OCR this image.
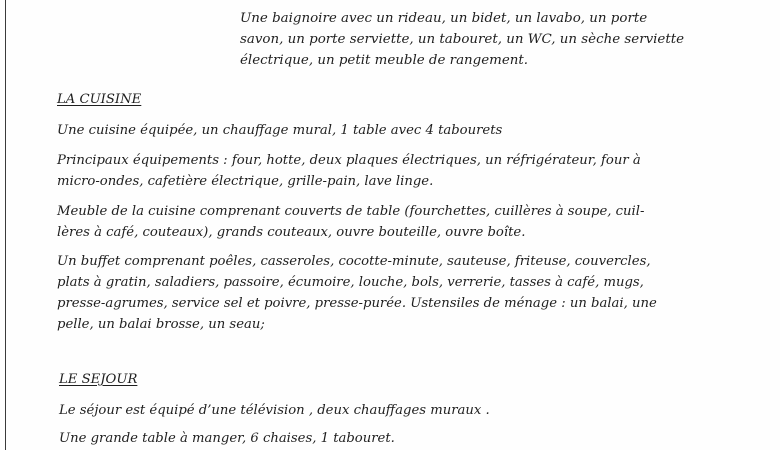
Une baignoire avec un rideau, un bidet, un lavabo, un porte
savon, un porte serviette, un tabouret, un WC, un sèche serviette
électrique, un petit meuble de rangement.
LA CUISINE
Une cuisine équipée, un chauffage mural, 1 table avec 4 tabourets
Principaux équipements : four, hotte, deux plaques électriques, un réfrigérateur, four à
micro-ondes, cafetière électrique, grille-pain, lave linge.
Meuble de la cuisine comprenant couverts de table (fourchettes, cuillères à soupe, cuil-
lères à café, couteaux), grands couteaux, ouvre bouteille, ouvre boîte.
Un buffet comprenant poêles, casseroles, cocotte-minute, sauteuse, friteuse, couvercles,
plats à gratin, saladiers, passoire, écumoire, louche, bols, verrerie, tasses à café, mugs,
presse-agrumes, service sel et poivre, presse-purée. Ustensiles de ménage : un balai, une
pelle, un balai brosse, un seau;
LE SEJOUR
Le séjour est équipé d’une télévision , deux chauffages muraux .
Une grande table à manger, 6 chaises, 1 tabouret.
